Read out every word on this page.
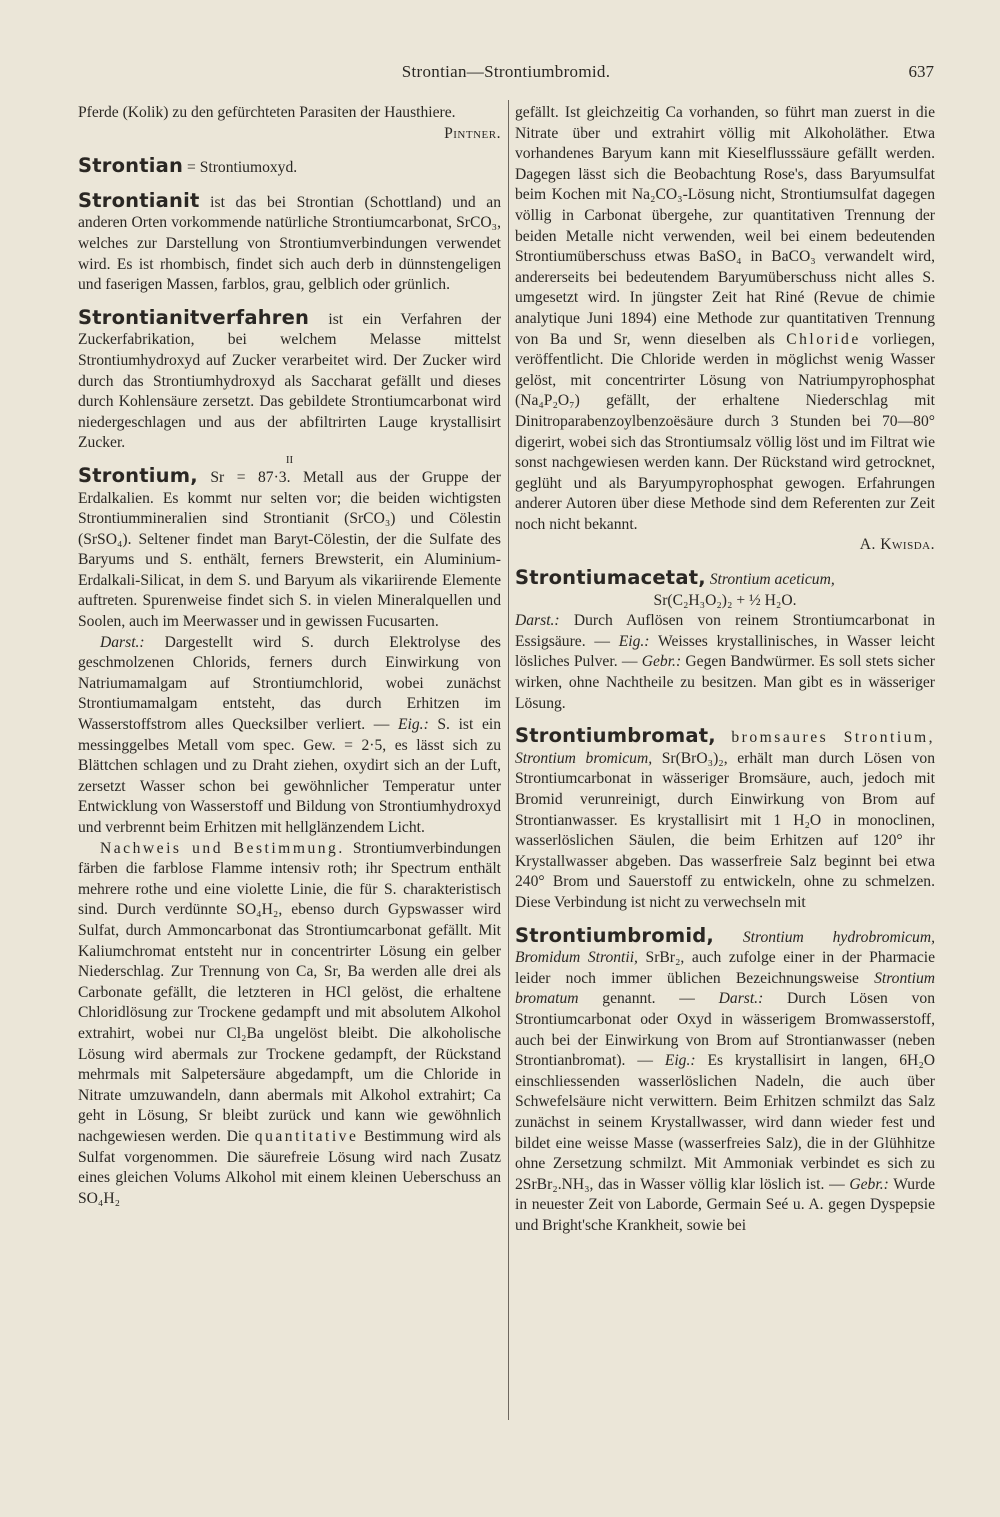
Strontian—Strontiumbromid.	637

Pferde (Kolik) zu den gefürchteten Parasiten der Hausthiere.

Pintner.

Strontian = Strontiumoxyd.

Strontianit ist das bei Strontian (Schottland) und an anderen Orten vorkommende natürliche Strontiumcarbonat, SrCO₃, welches zur Darstellung von Strontiumverbindungen verwendet wird. Es ist rhombisch, findet sich auch derb in dünnstengeligen und faserigen Massen, farblos, grau, gelblich oder grünlich.

Strontianitverfahren ist ein Verfahren der Zuckerfabrikation, bei welchem Melasse mittelst Strontiumhydroxyd auf Zucker verarbeitet wird. Der Zucker wird durch das Strontiumhydroxyd als Saccharat gefällt und dieses durch Kohlensäure zersetzt. Das gebildete Strontiumcarbonat wird niedergeschlagen und aus der abfiltrirten Lauge krystallisirt Zucker.

II

Strontium, Sr = 87·3. Metall aus der Gruppe der Erdalkalien. Es kommt nur selten vor; die beiden wichtigsten Strontiummineralien sind Strontianit (SrCO₃) und Cölestin (SrSO₄). Seltener findet man Baryt-Cölestin, der die Sulfate des Baryums und S. enthält, ferners Brewsterit, ein Aluminium-Erdalkali-Silicat, in dem S. und Baryum als vikariirende Elemente auftreten. Spurenweise findet sich S. in vielen Mineralquellen und Soolen, auch im Meerwasser und in gewissen Fucusarten.

Darst.: Dargestellt wird S. durch Elektrolyse des geschmolzenen Chlorids, ferners durch Einwirkung von Natriumamalgam auf Strontiumchlorid, wobei zunächst Strontiumamalgam entsteht, das durch Erhitzen im Wasserstoffstrom alles Quecksilber verliert. — Eig.: S. ist ein messinggelbes Metall vom spec. Gew. = 2·5, es lässt sich zu Blättchen schlagen und zu Draht ziehen, oxydirt sich an der Luft, zersetzt Wasser schon bei gewöhnlicher Temperatur unter Entwicklung von Wasserstoff und Bildung von Strontiumhydroxyd und verbrennt beim Erhitzen mit hellglänzendem Licht.

Nachweis und Bestimmung. Strontiumverbindungen färben die farblose Flamme intensiv roth; ihr Spectrum enthält mehrere rothe und eine violette Linie, die für S. charakteristisch sind. Durch verdünnte SO₄H₂, ebenso durch Gypswasser wird Sulfat, durch Ammoncarbonat das Strontiumcarbonat gefällt. Mit Kaliumchromat entsteht nur in concentrirter Lösung ein gelber Niederschlag. Zur Trennung von Ca, Sr, Ba werden alle drei als Carbonate gefällt, die letzteren in HCl gelöst, die erhaltene Chloridlösung zur Trockene gedampft und mit absolutem Alkohol extrahirt, wobei nur Cl₂Ba ungelöst bleibt. Die alkoholische Lösung wird abermals zur Trockene gedampft, der Rückstand mehrmals mit Salpetersäure abgedampft, um die Chloride in Nitrate umzuwandeln, dann abermals mit Alkohol extrahirt; Ca geht in Lösung, Sr bleibt zurück und kann wie gewöhnlich nachgewiesen werden. Die quantitative Bestimmung wird als Sulfat vorgenommen. Die säurefreie Lösung wird nach Zusatz eines gleichen Volums Alkohol mit einem kleinen Ueberschuss an SO₄H₂

gefällt. Ist gleichzeitig Ca vorhanden, so führt man zuerst in die Nitrate über und extrahirt völlig mit Alkoholäther. Etwa vorhandenes Baryum kann mit Kieselflusssäure gefällt werden. Dagegen lässt sich die Beobachtung Rose's, dass Baryumsulfat beim Kochen mit Na₂CO₃-Lösung nicht, Strontiumsulfat dagegen völlig in Carbonat übergehe, zur quantitativen Trennung der beiden Metalle nicht verwenden, weil bei einem bedeutenden Strontiumüberschuss etwas BaSO₄ in BaCO₃ verwandelt wird, andererseits bei bedeutendem Baryumüberschuss nicht alles S. umgesetzt wird. In jüngster Zeit hat Riné (Revue de chimie analytique Juni 1894) eine Methode zur quantitativen Trennung von Ba und Sr, wenn dieselben als Chloride vorliegen, veröffentlicht. Die Chloride werden in möglichst wenig Wasser gelöst, mit concentrirter Lösung von Natriumpyrophosphat (Na₄P₂O₇) gefällt, der erhaltene Niederschlag mit Dinitroparabenzoylbenzoësäure durch 3 Stunden bei 70—80° digerirt, wobei sich das Strontiumsalz völlig löst und im Filtrat wie sonst nachgewiesen werden kann. Der Rückstand wird getrocknet, geglüht und als Baryumpyrophosphat gewogen. Erfahrungen anderer Autoren über diese Methode sind dem Referenten zur Zeit noch nicht bekannt.

A. Kwisda.

Strontiumacetat, Strontium aceticum,

Sr(C₂H₃O₂)₂ + ½ H₂O.

Darst.: Durch Auflösen von reinem Strontiumcarbonat in Essigsäure. — Eig.: Weisses krystallinisches, in Wasser leicht lösliches Pulver. — Gebr.: Gegen Bandwürmer. Es soll stets sicher wirken, ohne Nachtheile zu besitzen. Man gibt es in wässeriger Lösung.

Strontiumbromat, bromsaures Strontium, Strontium bromicum, Sr(BrO₃)₂, erhält man durch Lösen von Strontiumcarbonat in wässeriger Bromsäure, auch, jedoch mit Bromid verunreinigt, durch Einwirkung von Brom auf Strontianwasser. Es krystallisirt mit 1 H₂O in monoclinen, wasserlöslichen Säulen, die beim Erhitzen auf 120° ihr Krystallwasser abgeben. Das wasserfreie Salz beginnt bei etwa 240° Brom und Sauerstoff zu entwickeln, ohne zu schmelzen. Diese Verbindung ist nicht zu verwechseln mit

Strontiumbromid, Strontium hydrobromicum, Bromidum Strontii, SrBr₂, auch zufolge einer in der Pharmacie leider noch immer üblichen Bezeichnungsweise Strontium bromatum genannt. — Darst.: Durch Lösen von Strontiumcarbonat oder Oxyd in wässerigem Bromwasserstoff, auch bei der Einwirkung von Brom auf Strontianwasser (neben Strontianbromat). — Eig.: Es krystallisirt in langen, 6H₂O einschliessenden wasserlöslichen Nadeln, die auch über Schwefelsäure nicht verwittern. Beim Erhitzen schmilzt das Salz zunächst in seinem Krystallwasser, wird dann wieder fest und bildet eine weisse Masse (wasserfreies Salz), die in der Glühhitze ohne Zersetzung schmilzt. Mit Ammoniak verbindet es sich zu 2SrBr₂.NH₃, das in Wasser völlig klar löslich ist. — Gebr.: Wurde in neuester Zeit von Laborde, Germain Seé u. A. gegen Dyspepsie und Bright'sche Krankheit, sowie bei
